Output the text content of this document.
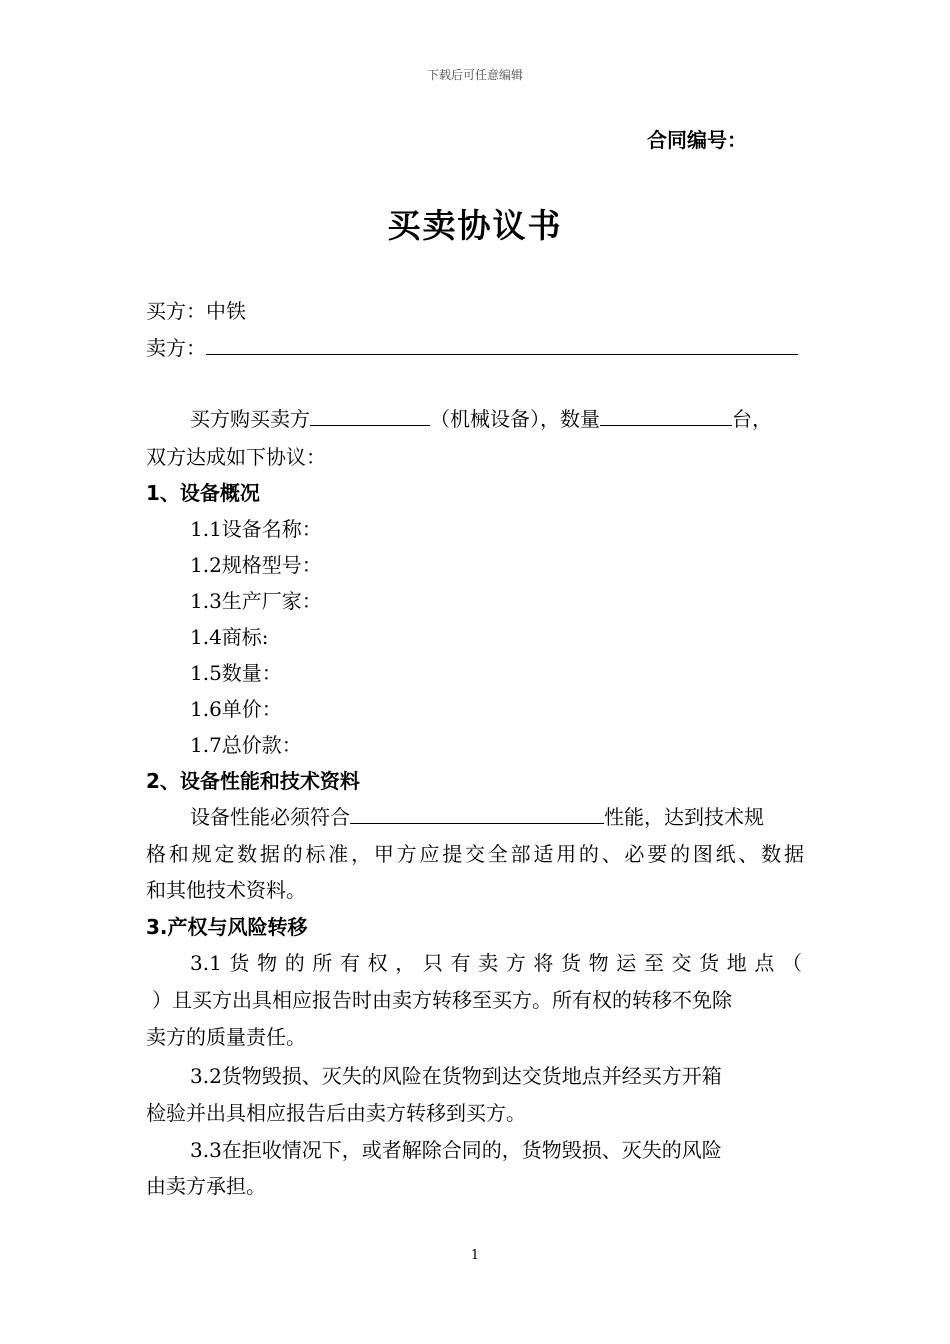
下载后可任意编辑
合同编号：
买卖协议书
买方：中铁
卖方：
买方购买卖方	（机械设备），数量	台，
双方达成如下协议：
1、设备概况
1.1设备名称：
1.2规格型号：
1.3生产厂家：
1.4商标:
1.5数量：
1.6单价：
1.7总价款：
2、设备性能和技术资料
设备性能必须符合	性能，达到技术规
格和规定数据的标准，甲方应提交全部适用的、必要的图纸、数据
和其他技术资料。
3.产权与风险转移
3.1货物的所有权，只有卖方将货物运至交货地点（
）且买方出具相应报告时由卖方转移至买方。所有权的转移不免除
卖方的质量责任。
3.2货物毁损、灭失的风险在货物到达交货地点并经买方开箱
检验并出具相应报告后由卖方转移到买方。
3.3在拒收情况下，或者解除合同的，货物毁损、灭失的风险
由卖方承担。
1
